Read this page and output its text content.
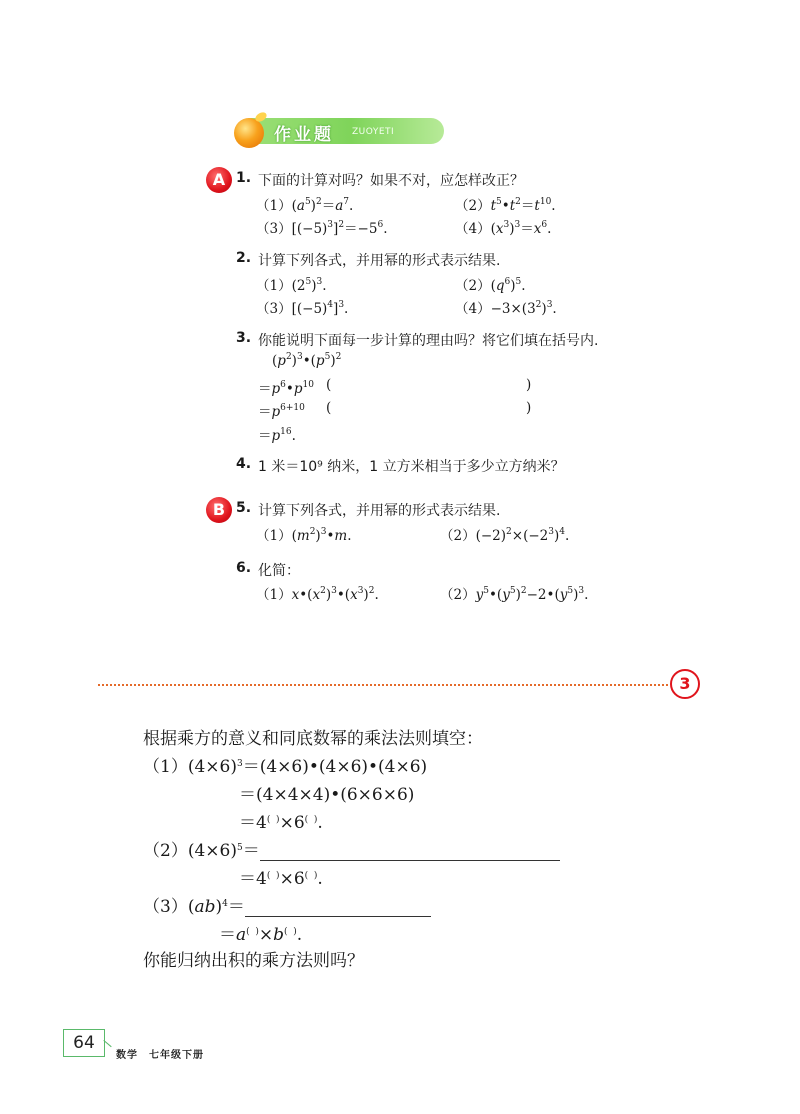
作业题 ZUOYETI
A 1. 下面的计算对吗？如果不对，应怎样改正？
$(1)(a^5)^2=a^7$.	$(2)t^5•t^2=t^{10}$.
$(3)[(-5)^3]^2=-5^6$.	$(4)(x^3)^3=x^6$.
2. 计算下列各式，并用幂的形式表示结果.
$(1)(2^5)^3$.	$(2)(q^6)^5$.
$(3)[(-5)^4]^3$.	$(4)-3\times(3^2)^3$.
3. 你能说明下面每一步计算的理由吗？将它们填在括号内.
$(p^2)^3•(p^5)^2$
$=p^6•p^{10}$ (	)
$=p^{6+10}$ (	)
$=p^{16}$.
4. 1 米＝10⁹ 纳米，1 立方米相当于多少立方纳米？
B 5. 计算下列各式，并用幂的形式表示结果.
$(1)(m^2)^3•m$.	$(2)(-2)^2\times(-2^3)^4$.
6. 化简：
$(1)x•(x^2)^3•(x^3)^2$.	$(2)y^5•(y^5)^2-2•(y^5)^3$.
3
根据乘方的意义和同底数幂的乘法法则填空：
$(1)(4\times 6)^3=(4\times 6)•(4\times 6)•(4\times 6)$
＝(4×4×4)•(6×6×6)
＝4(  )×6(  ).
$(2)(4\times 6)^5=$
＝4(  )×6(  ).
（3）(ab)$^4$＝
＝a(  )×b(  ).
你能归纳出积的乘方法则吗？
64
数学　七年级下册
